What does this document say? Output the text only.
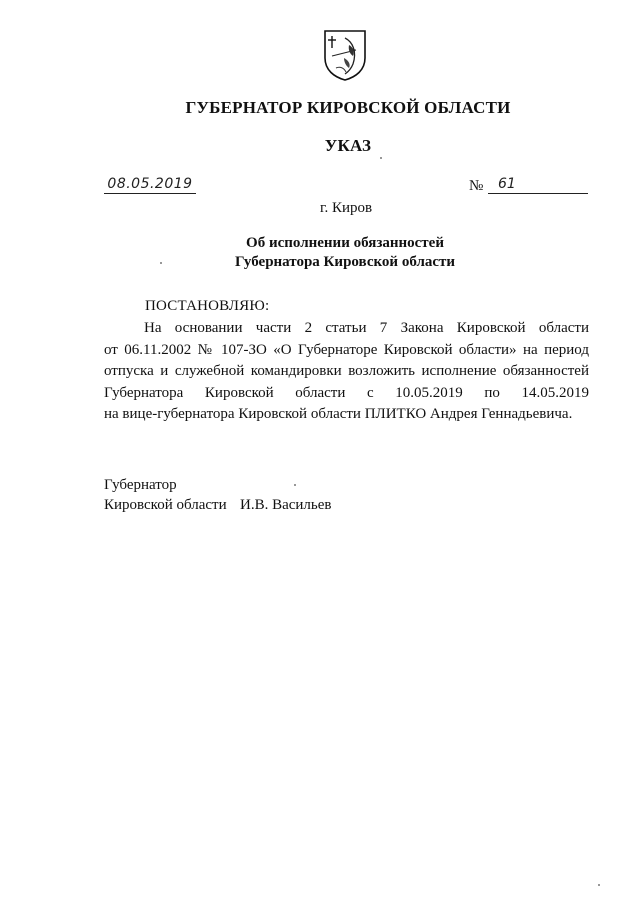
ГУБЕРНАТОР КИРОВСКОЙ ОБЛАСТИ
УКАЗ
08.05.2019	№	61
г. Киров
Об исполнении обязанностей
Губернатора Кировской области
ПОСТАНОВЛЯЮ:
На основании части 2 статьи 7 Закона Кировской области
от 06.11.2002 № 107-ЗО «О Губернаторе Кировской области» на период
отпуска и служебной командировки возложить исполнение обязанностей
Губернатора Кировской области с 10.05.2019 по 14.05.2019
на вице-губернатора Кировской области ПЛИТКО Андрея Геннадьевича.
Губернатор
Кировской области И.В. Васильев
